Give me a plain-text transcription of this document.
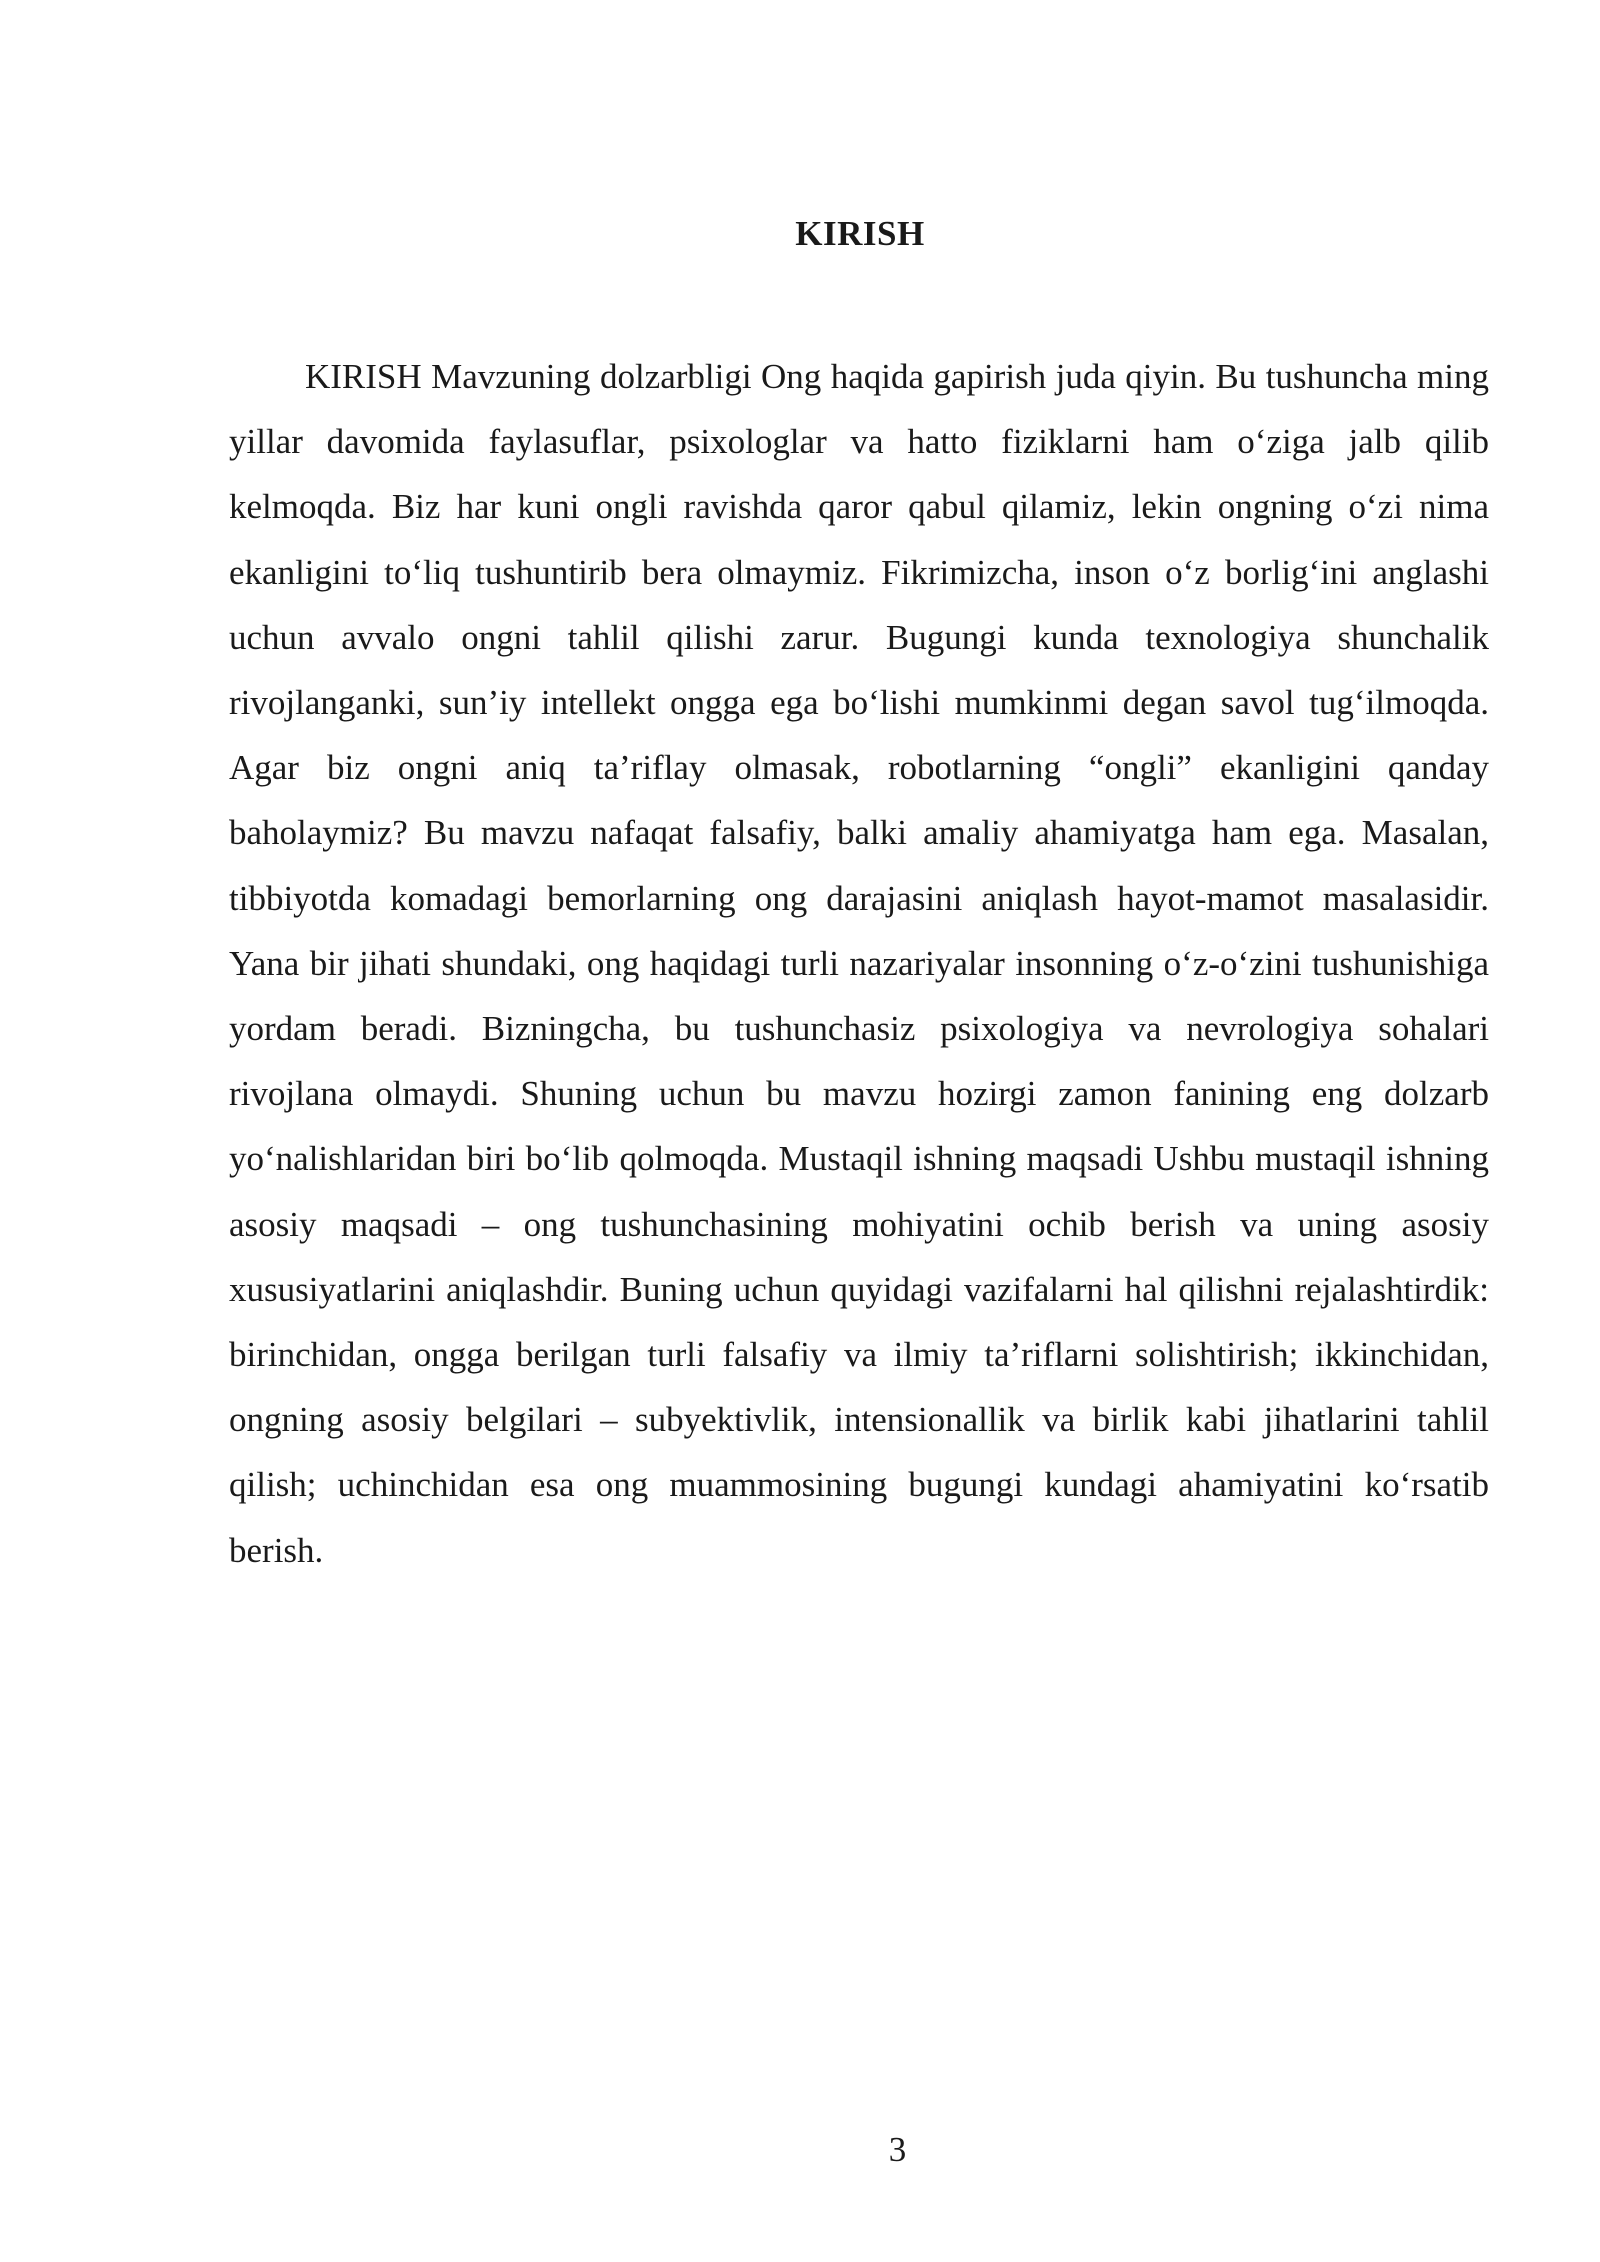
KIRISH

KIRISH Mavzuning dolzarbligi Ong haqida gapirish juda qiyin. Bu tushuncha ming yillar davomida faylasuflar, psixologlar va hatto fiziklarni ham o‘ziga jalb qilib kelmoqda. Biz har kuni ongli ravishda qaror qabul qilamiz, lekin ongning o‘zi nima ekanligini to‘liq tushuntirib bera olmaymiz. Fikrimizcha, inson o‘z borlig‘ini anglashi uchun avvalo ongni tahlil qilishi zarur. Bugungi kunda texnologiya shunchalik rivojlanganki, sun’iy intellekt ongga ega bo‘lishi mumkinmi degan savol tug‘ilmoqda. Agar biz ongni aniq ta’riflay olmasak, robotlarning “ongli” ekanligini qanday baholaymiz? Bu mavzu nafaqat falsafiy, balki amaliy ahamiyatga ham ega. Masalan, tibbiyotda komadagi bemorlarning ong darajasini aniqlash hayot-mamot masalasidir. Yana bir jihati shundaki, ong haqidagi turli nazariyalar insonning o‘z-o‘zini tushunishiga yordam beradi. Bizningcha, bu tushunchasiz psixologiya va nevrologiya sohalari rivojlana olmaydi. Shuning uchun bu mavzu hozirgi zamon fanining eng dolzarb yo‘nalishlaridan biri bo‘lib qolmoqda. Mustaqil ishning maqsadi Ushbu mustaqil ishning asosiy maqsadi – ong tushunchasining mohiyatini ochib berish va uning asosiy xususiyatlarini aniqlashdir. Buning uchun quyidagi vazifalarni hal qilishni rejalashtirdik: birinchidan, ongga berilgan turli falsafiy va ilmiy ta’riflarni solishtirish; ikkinchidan, ongning asosiy belgilari – subyektivlik, intensionallik va birlik kabi jihatlarini tahlil qilish; uchinchidan esa ong muammosining bugungi kundagi ahamiyatini ko‘rsatib berish.

3
